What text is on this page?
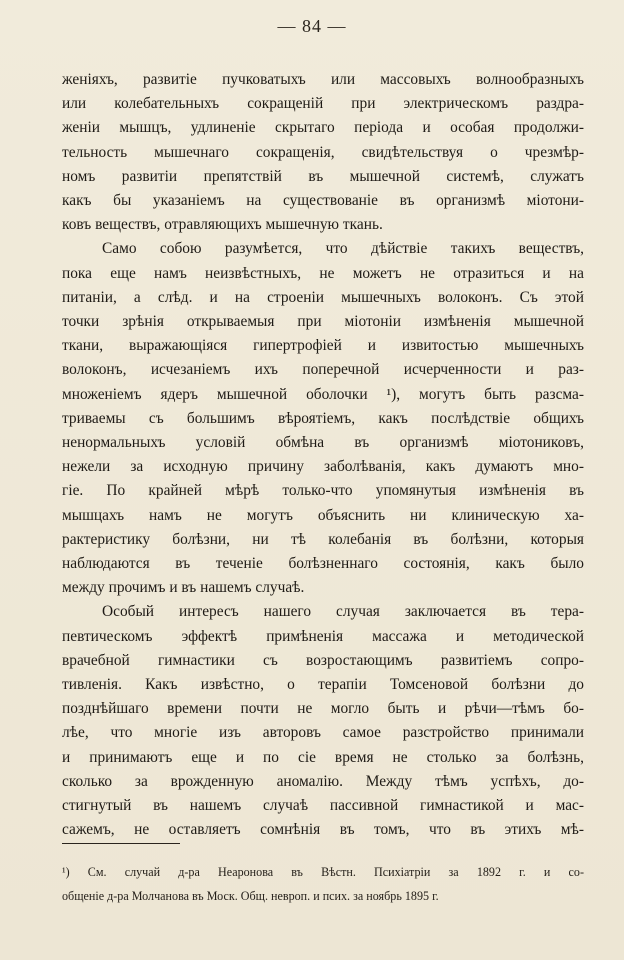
— 84 —

женіяхъ, развитіе пучковатыхъ или массовыхъ волнообразныхъ
или колебательныхъ сокращеній при электрическомъ раздра-
женіи мышцъ, удлиненіе скрытаго періода и особая продолжи-
тельность мышечнаго сокращенія, свидѣтельствуя о чрезмѣр-
номъ развитіи препятствій въ мышечной системѣ, служатъ
какъ бы указаніемъ на существованіе въ организмѣ міотони-
ковъ веществъ, отравляющихъ мышечную ткань.

Само собою разумѣется, что дѣйствіе такихъ веществъ,
пока еще намъ неизвѣстныхъ, не можетъ не отразиться и на
питаніи, а слѣд. и на строеніи мышечныхъ волоконъ. Съ этой
точки зрѣнія открываемыя при міотоніи измѣненія мышечной
ткани, выражающіяся гипертрофіей и извитостью мышечныхъ
волоконъ, исчезаніемъ ихъ поперечной исчерченности и раз-
множеніемъ ядеръ мышечной оболочки ¹), могутъ быть разсма-
триваемы съ большимъ вѣроятіемъ, какъ послѣдствіе общихъ
ненормальныхъ условій обмѣна въ организмѣ міотониковъ,
нежели за исходную причину заболѣванія, какъ думаютъ мно-
гіе. По крайней мѣрѣ только-что упомянутыя измѣненія въ
мышцахъ намъ не могутъ объяснить ни клиническую ха-
рактеристику болѣзни, ни тѣ колебанія въ болѣзни, которыя
наблюдаются въ теченіе болѣзненнаго состоянія, какъ было
между прочимъ и въ нашемъ случаѣ.

Особый интересъ нашего случая заключается въ тера-
певтическомъ эффектѣ примѣненія массажа и методической
врачебной гимнастики съ возростающимъ развитіемъ сопро-
тивленія. Какъ извѣстно, о терапіи Томсеновой болѣзни до
позднѣйшаго времени почти не могло быть и рѣчи—тѣмъ бо-
лѣе, что многіе изъ авторовъ самое разстройство принимали
и принимаютъ еще и по сіе время не столько за болѣзнь,
сколько за врожденную аномалію. Между тѣмъ успѣхъ, до-
стигнутый въ нашемъ случаѣ пассивной гимнастикой и мас-
сажемъ, не оставляетъ сомнѣнія въ томъ, что въ этихъ мѣ-

¹) См. случай д-ра Неаронова въ Вѣстн. Психіатріи за 1892 г. и со-
общеніе д-ра Молчанова въ Моск. Общ. невроп. и псих. за ноябрь 1895 г.
